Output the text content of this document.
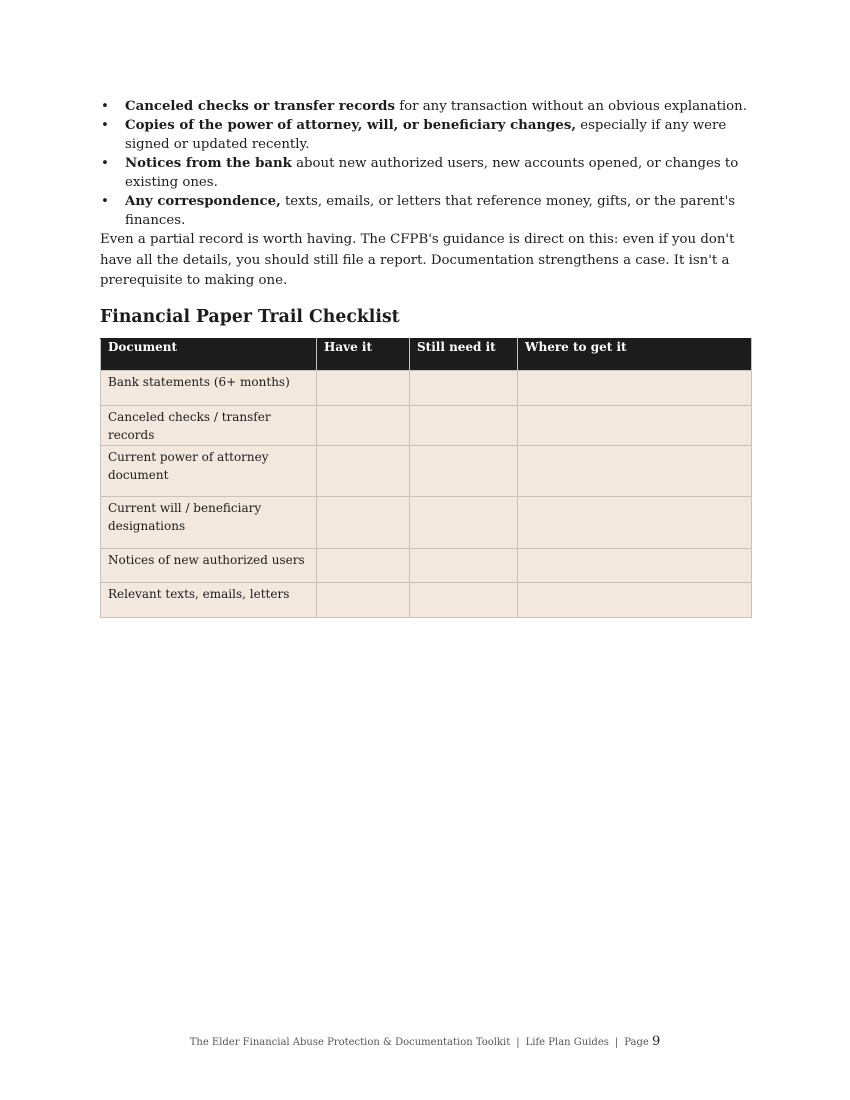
• Canceled checks or transfer records for any transaction without an obvious explanation.
• Copies of the power of attorney, will, or beneficiary changes, especially if any were signed or updated recently.
• Notices from the bank about new authorized users, new accounts opened, or changes to existing ones.
• Any correspondence, texts, emails, or letters that reference money, gifts, or the parent's finances.

Even a partial record is worth having. The CFPB's guidance is direct on this: even if you don't have all the details, you should still file a report. Documentation strengthens a case. It isn't a prerequisite to making one.

Financial Paper Trail Checklist
Document	Have it	Still need it	Where to get it
Bank statements (6+ months)			
Canceled checks / transfer records			
Current power of attorney document			
Current will / beneficiary designations			
Notices of new authorized users			
Relevant texts, emails, letters			
The Elder Financial Abuse Protection & Documentation Toolkit | Life Plan Guides | Page 9
